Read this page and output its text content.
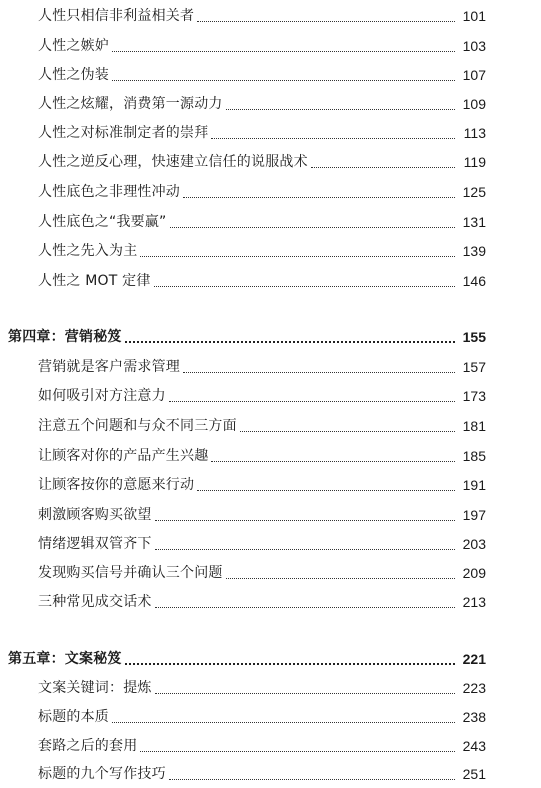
人性只相信非利益相关者	101
人性之嫉妒	103
人性之伪装	107
人性之炫耀，消费第一源动力	109
人性之对标准制定者的崇拜	113
人性之逆反心理，快速建立信任的说服战术	119
人性底色之非理性冲动	125
人性底色之“我要赢”	131
人性之先入为主	139
人性之 MOT 定律	146
第四章：营销秘笈	155
营销就是客户需求管理	157
如何吸引对方注意力	173
注意五个问题和与众不同三方面	181
让顾客对你的产品产生兴趣	185
让顾客按你的意愿来行动	191
刺激顾客购买欲望	197
情绪逻辑双管齐下	203
发现购买信号并确认三个问题	209
三种常见成交话术	213
第五章：文案秘笈	221
文案关键词：提炼	223
标题的本质	238
套路之后的套用	243
标题的九个写作技巧	251
